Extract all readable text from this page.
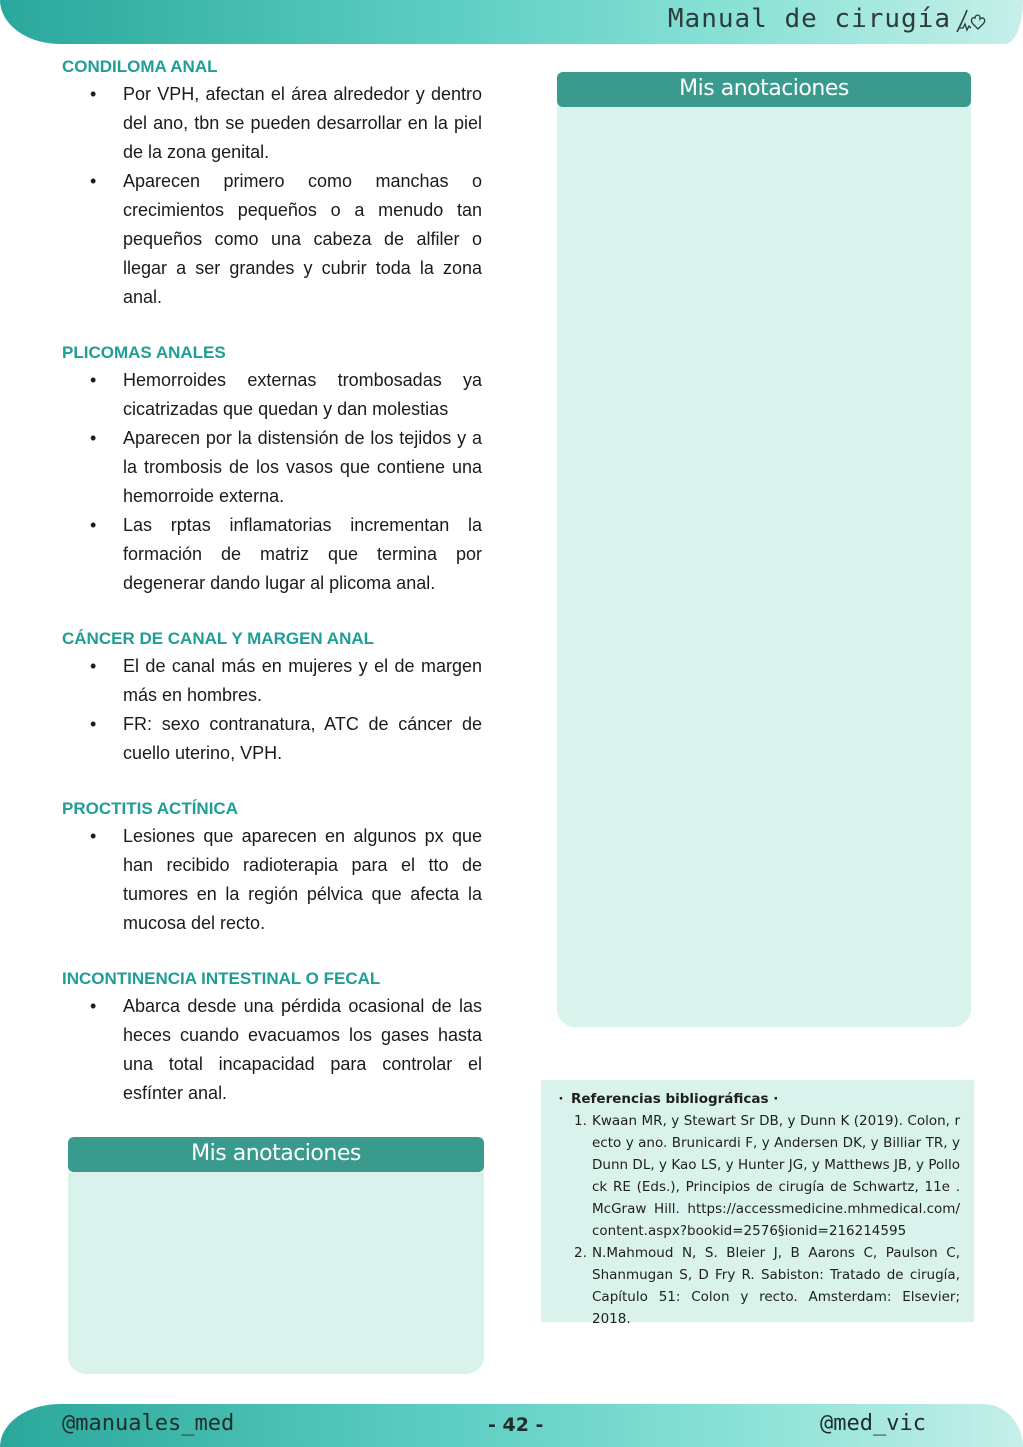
Manual de cirugía
CONDILOMA ANAL
• Por VPH, afectan el área alrededor y dentro del ano, tbn se pueden desarrollar en la piel de la zona genital.
• Aparecen primero como manchas o crecimientos pequeños o a menudo tan pequeños como una cabeza de alfiler o llegar a ser grandes y cubrir toda la zona anal.
PLICOMAS ANALES
• Hemorroides externas trombosadas ya cicatrizadas que quedan y dan molestias
• Aparecen por la distensión de los tejidos y a la trombosis de los vasos que contiene una hemorroide externa.
• Las rptas inflamatorias incrementan la formación de matriz que termina por degenerar dando lugar al plicoma anal.
CÁNCER DE CANAL Y MARGEN ANAL
• El de canal más en mujeres y el de margen más en hombres.
• FR: sexo contranatura, ATC de cáncer de cuello uterino, VPH.
PROCTITIS ACTÍNICA
• Lesiones que aparecen en algunos px que han recibido radioterapia para el tto de tumores en la región pélvica que afecta la mucosa del recto.
INCONTINENCIA INTESTINAL O FECAL
• Abarca desde una pérdida ocasional de las heces cuando evacuamos los gases hasta una total incapacidad para controlar el esfínter anal.
Mis anotaciones
Mis anotaciones
· Referencias bibliográficas ·
1. Kwaan MR, y Stewart Sr DB, y Dunn K (2019). Colon, recto y ano. Brunicardi F, y Andersen DK, y Billiar TR, y Dunn DL, y Kao LS, y Hunter JG, y Matthews JB, y Pollock RE (Eds.), Principios de cirugía de Schwartz, 11e . McGraw Hill. https://accessmedicine.mhmedical.com/content.aspx?bookid=2576§ionid=216214595
2. N.Mahmoud N, S. Bleier J, B Aarons C, Paulson C, Shanmugan S, D Fry R. Sabiston: Tratado de cirugía, Capítulo 51: Colon y recto. Amsterdam: Elsevier; 2018.
@manuales_med	- 42 -	@med_vic
